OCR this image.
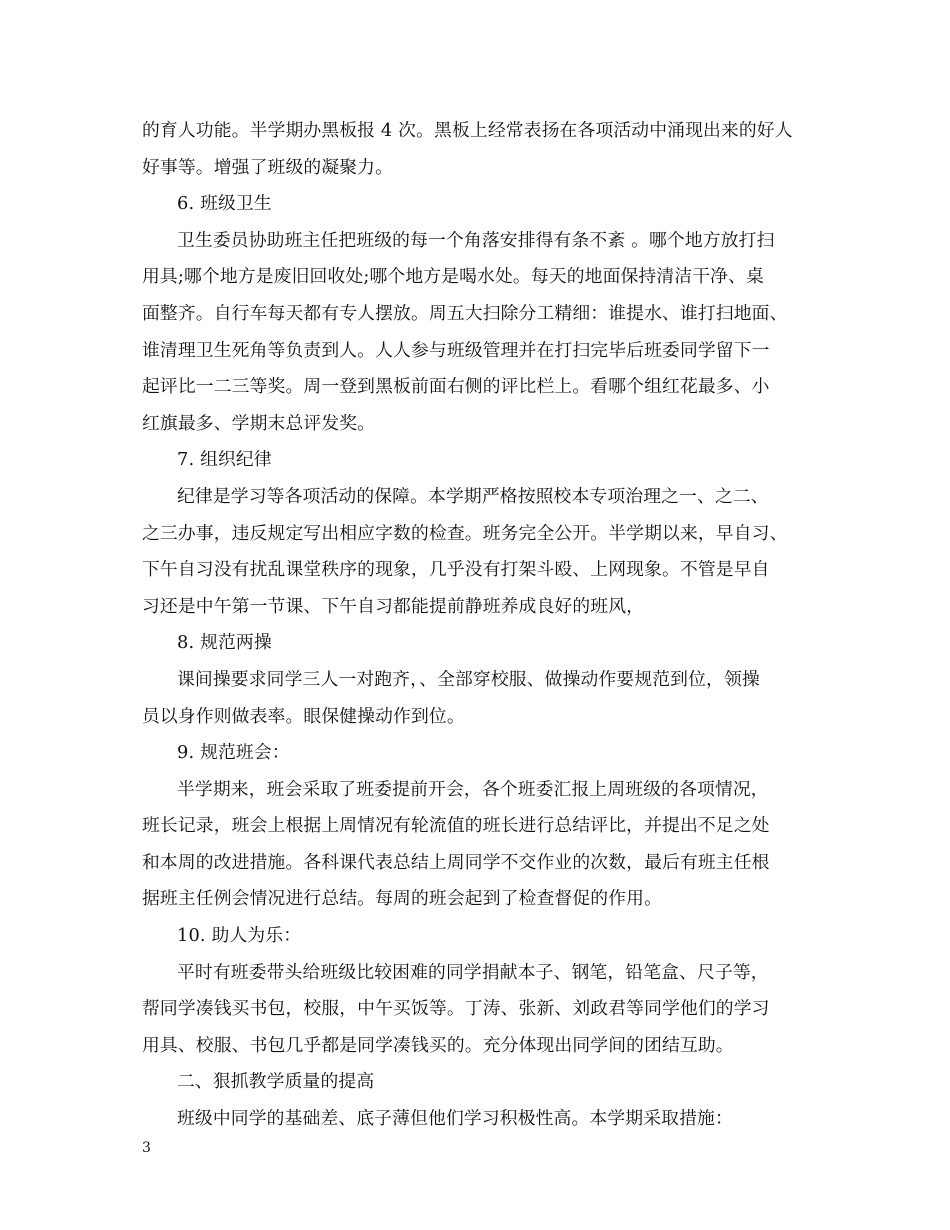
的育人功能。半学期办黑板报 4 次。黑板上经常表扬在各项活动中涌现出来的好人
好事等。增强了班级的凝聚力。
6. 班级卫生
卫生委员协助班主任把班级的每一个角落安排得有条不紊 。哪个地方放打扫
用具;哪个地方是废旧回收处;哪个地方是喝水处。每天的地面保持清洁干净、桌
面整齐。自行车每天都有专人摆放。周五大扫除分工精细：谁提水、谁打扫地面、
谁清理卫生死角等负责到人。人人参与班级管理并在打扫完毕后班委同学留下一
起评比一二三等奖。周一登到黑板前面右侧的评比栏上。看哪个组红花最多、小
红旗最多、学期末总评发奖。
7. 组织纪律
纪律是学习等各项活动的保障。本学期严格按照校本专项治理之一、之二、
之三办事，违反规定写出相应字数的检查。班务完全公开。半学期以来，早自习、
下午自习没有扰乱课堂秩序的现象，几乎没有打架斗殴、上网现象。不管是早自
习还是中午第一节课、下午自习都能提前静班养成良好的班风，
8. 规范两操
课间操要求同学三人一对跑齐，、全部穿校服、做操动作要规范到位，领操
员以身作则做表率。眼保健操动作到位。
9. 规范班会：
半学期来，班会采取了班委提前开会，各个班委汇报上周班级的各项情况，
班长记录，班会上根据上周情况有轮流值的班长进行总结评比，并提出不足之处
和本周的改进措施。各科课代表总结上周同学不交作业的次数，最后有班主任根
据班主任例会情况进行总结。每周的班会起到了检查督促的作用。
10. 助人为乐：
平时有班委带头给班级比较困难的同学捐献本子、钢笔，铅笔盒、尺子等，
帮同学凑钱买书包，校服，中午买饭等。丁涛、张新、刘政君等同学他们的学习
用具、校服、书包几乎都是同学凑钱买的。充分体现出同学间的团结互助。
二、狠抓教学质量的提高
班级中同学的基础差、底子薄但他们学习积极性高。本学期采取措施：
3
